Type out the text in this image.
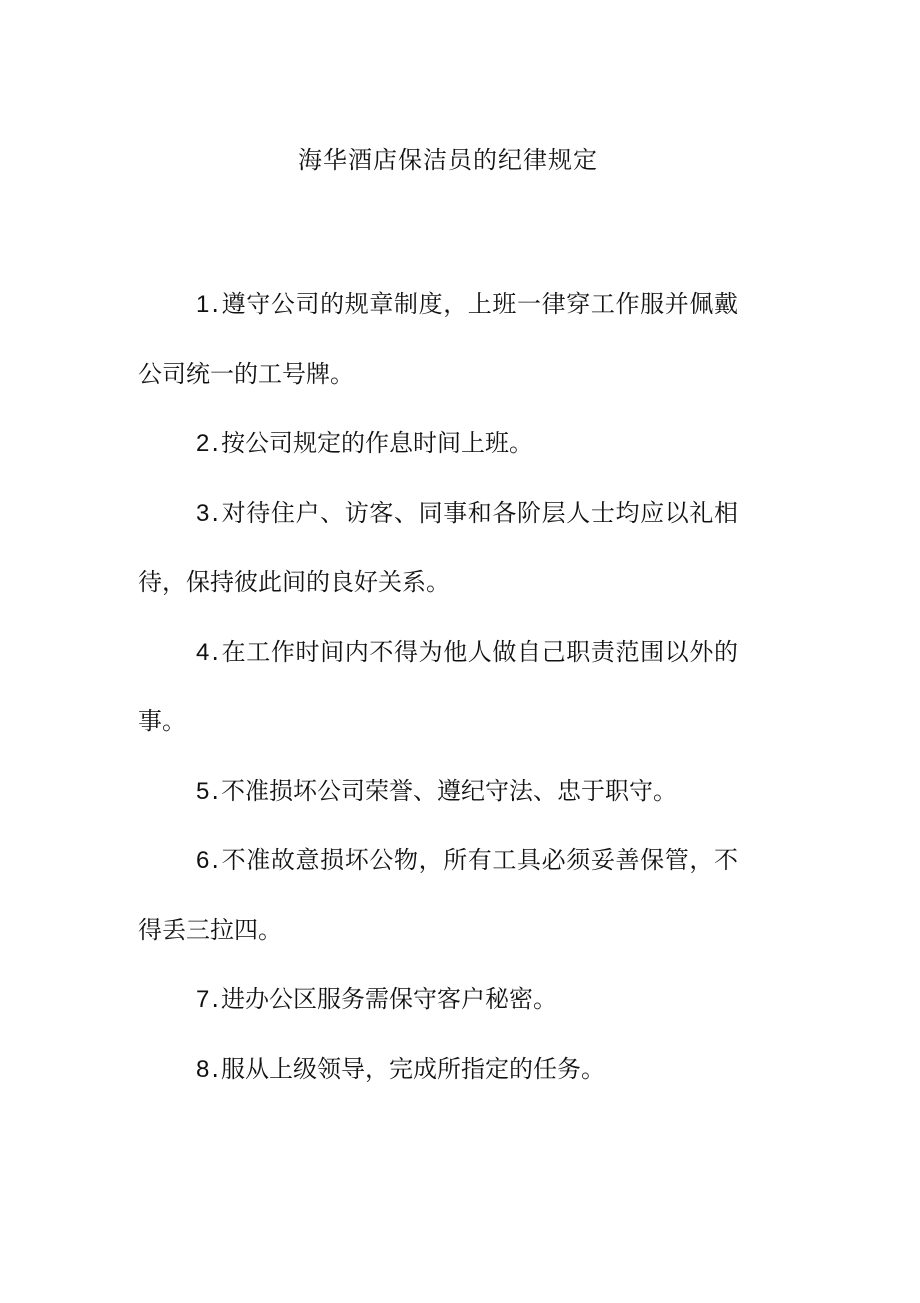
海华酒店保洁员的纪律规定

1.遵守公司的规章制度，上班一律穿工作服并佩戴公司统一的工号牌。

2.按公司规定的作息时间上班。

3.对待住户、访客、同事和各阶层人士均应以礼相待，保持彼此间的良好关系。

4.在工作时间内不得为他人做自己职责范围以外的事。

5.不准损坏公司荣誉、遵纪守法、忠于职守。

6.不准故意损坏公物，所有工具必须妥善保管，不得丢三拉四。

7.进办公区服务需保守客户秘密。

8.服从上级领导，完成所指定的任务。
